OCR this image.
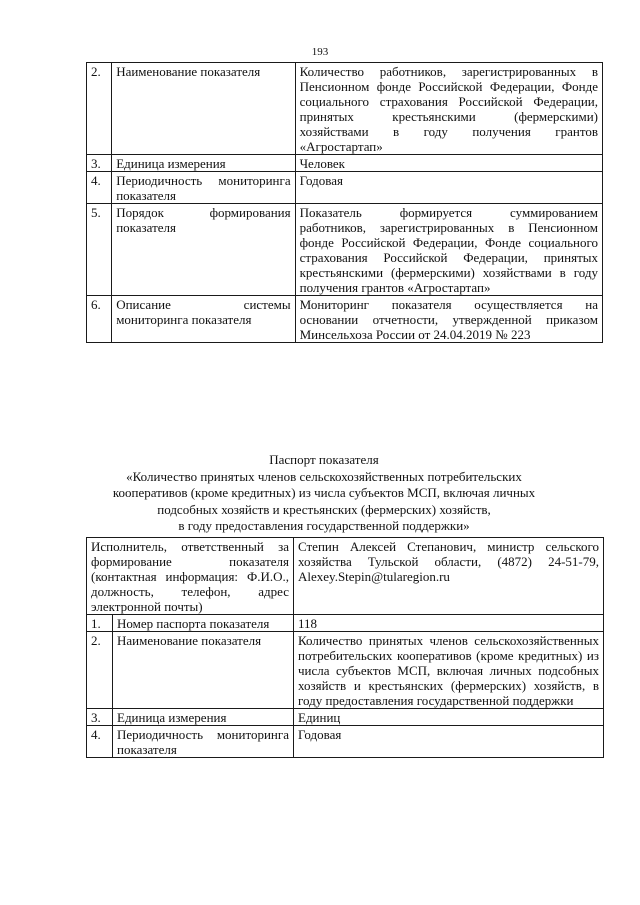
193
2.	Наименование показателя	Количество работников, зарегистрированных в Пенсионном фонде Российской Федерации, Фонде социального страхования Российской Федерации, принятых крестьянскими (фермерскими) хозяйствами в году получения грантов «Агростартап»
3.	Единица измерения	Человек
4.	Периодичность мониторинга показателя	Годовая
5.	Порядок формирования показателя	Показатель формируется суммированием работников, зарегистрированных в Пенсионном фонде Российской Федерации, Фонде социального страхования Российской Федерации, принятых крестьянскими (фермерскими) хозяйствами в году получения грантов «Агростартап»
6.	Описание системы мониторинга показателя	Мониторинг показателя осуществляется на основании отчетности, утвержденной приказом Минсельхоза России от 24.04.2019 № 223
Паспорт показателя
«Количество принятых членов сельскохозяйственных потребительских
кооперативов (кроме кредитных) из числа субъектов МСП, включая личных
подсобных хозяйств и крестьянских (фермерских) хозяйств,
в году предоставления государственной поддержки»
Исполнитель, ответственный за формирование показателя (контактная информация: Ф.И.О., должность, телефон, адрес электронной почты)		Степин Алексей Степанович, министр сельского хозяйства Тульской области, (4872) 24-51-79, Alexey.Stepin@tularegion.ru
1.	Номер паспорта показателя	118
2.	Наименование показателя	Количество принятых членов сельскохозяйственных потребительских кооперативов (кроме кредитных) из числа субъектов МСП, включая личных подсобных хозяйств и крестьянских (фермерских) хозяйств, в году предоставления государственной поддержки
3.	Единица измерения	Единиц
4.	Периодичность мониторинга показателя	Годовая
